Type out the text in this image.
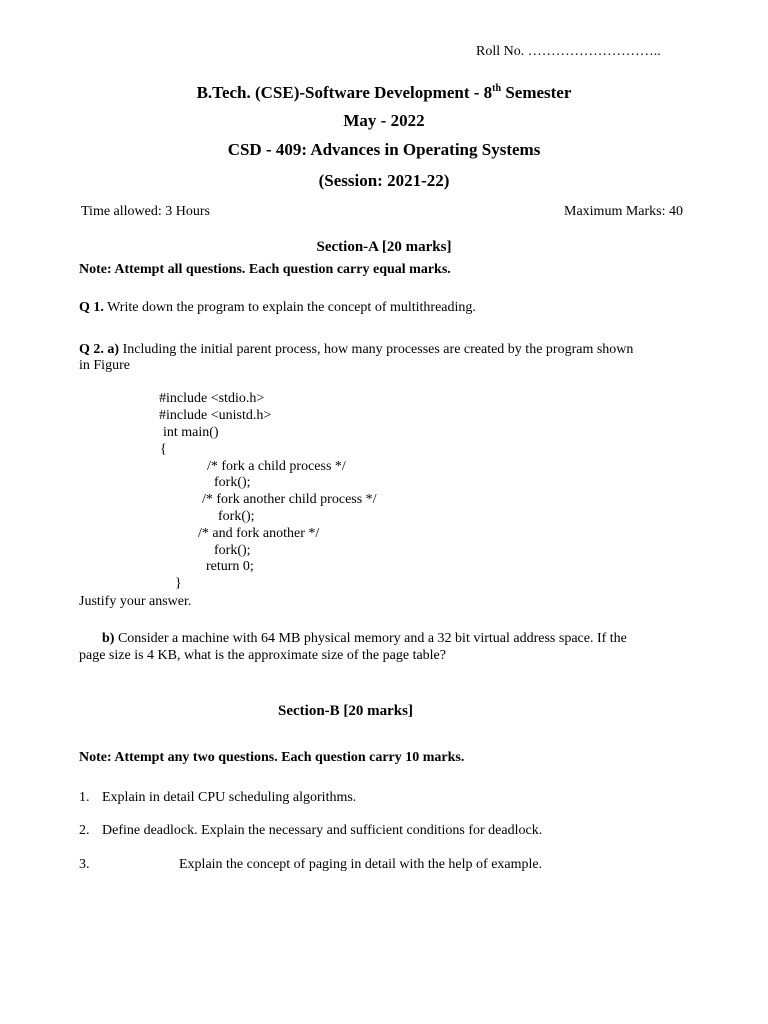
Roll No. ………………………..
B.Tech. (CSE)-Software Development - 8th Semester
May - 2022
CSD - 409: Advances in Operating Systems
(Session: 2021-22)
Time allowed: 3 Hours	Maximum Marks: 40
Section-A [20 marks]
Note: Attempt all questions. Each question carry equal marks.
Q 1. Write down the program to explain the concept of multithreading.
Q 2. a) Including the initial parent process, how many processes are created by the program shown
in Figure
#include <stdio.h>
#include <unistd.h>
int main()
{
/* fork a child process */
fork();
/* fork another child process */
fork();
/* and fork another */
fork();
return 0;
}
Justify your answer.
b) Consider a machine with 64 MB physical memory and a 32 bit virtual address space. If the
page size is 4 KB, what is the approximate size of the page table?
Section-B [20 marks]
Note: Attempt any two questions. Each question carry 10 marks.
1. Explain in detail CPU scheduling algorithms.
2. Define deadlock. Explain the necessary and sufficient conditions for deadlock.
3.	Explain the concept of paging in detail with the help of example.
